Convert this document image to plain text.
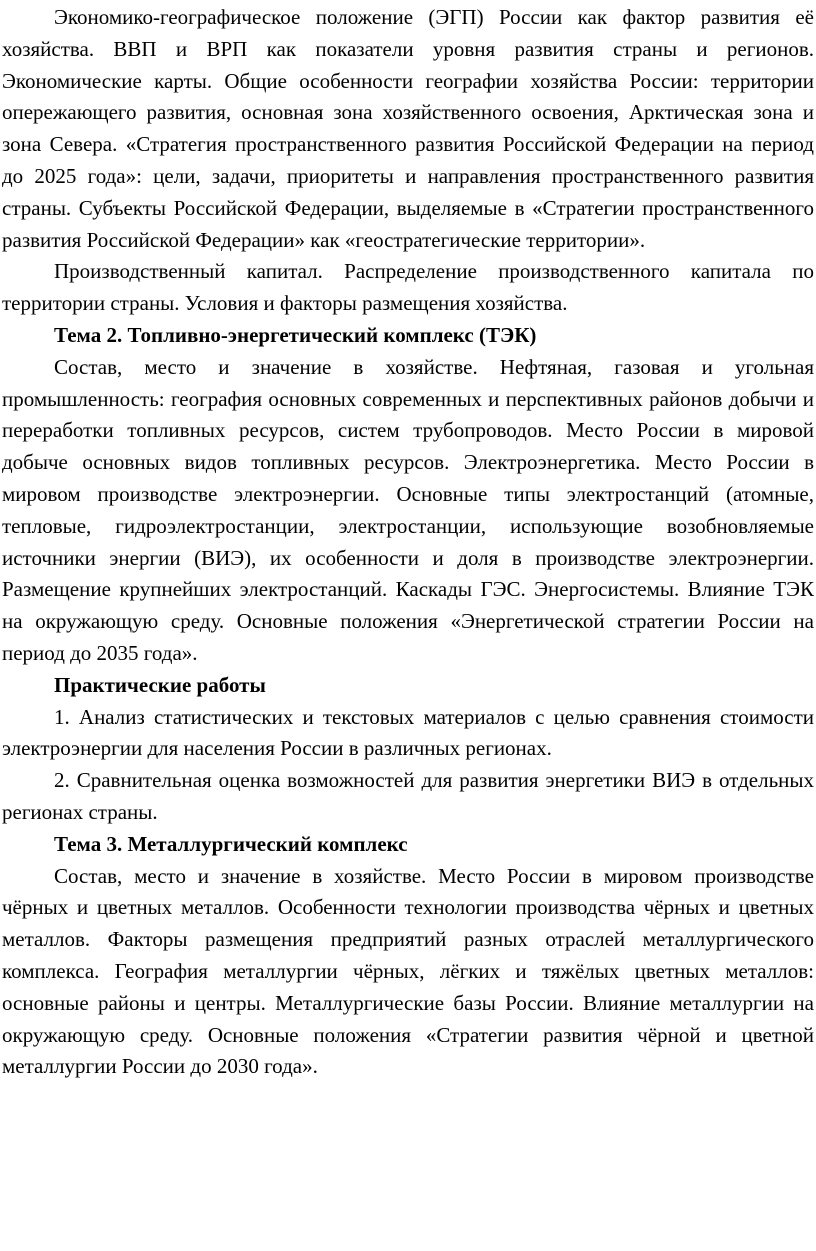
Экономико-географическое положение (ЭГП) России как фактор развития её хозяйства. ВВП и ВРП как показатели уровня развития страны и регионов. Экономические карты. Общие особенности географии хозяйства России: территории опережающего развития, основная зона хозяйственного освоения, Арктическая зона и зона Севера. «Стратегия пространственного развития Российской Федерации на период до 2025 года»: цели, задачи, приоритеты и направления пространственного развития страны. Субъекты Российской Федерации, выделяемые в «Стратегии пространственного развития Российской Федерации» как «геостратегические территории».

Производственный капитал. Распределение производственного капитала по территории страны. Условия и факторы размещения хозяйства.

Тема 2. Топливно-энергетический комплекс (ТЭК)

Состав, место и значение в хозяйстве. Нефтяная, газовая и угольная промышленность: география основных современных и перспективных районов добычи и переработки топливных ресурсов, систем трубопроводов. Место России в мировой добыче основных видов топливных ресурсов. Электроэнергетика. Место России в мировом производстве электроэнергии. Основные типы электростанций (атомные, тепловые, гидроэлектростанции, электростанции, использующие возобновляемые источники энергии (ВИЭ), их особенности и доля в производстве электроэнергии. Размещение крупнейших электростанций. Каскады ГЭС. Энергосистемы. Влияние ТЭК на окружающую среду. Основные положения «Энергетической стратегии России на период до 2035 года».

Практические работы

1. Анализ статистических и текстовых материалов с целью сравнения стоимости электроэнергии для населения России в различных регионах.

2. Сравнительная оценка возможностей для развития энергетики ВИЭ в отдельных регионах страны.

Тема 3. Металлургический комплекс

Состав, место и значение в хозяйстве. Место России в мировом производстве чёрных и цветных металлов. Особенности технологии производства чёрных и цветных металлов. Факторы размещения предприятий разных отраслей металлургического комплекса. География металлургии чёрных, лёгких и тяжёлых цветных металлов: основные районы и центры. Металлургические базы России. Влияние металлургии на окружающую среду. Основные положения «Стратегии развития чёрной и цветной металлургии России до 2030 года».
